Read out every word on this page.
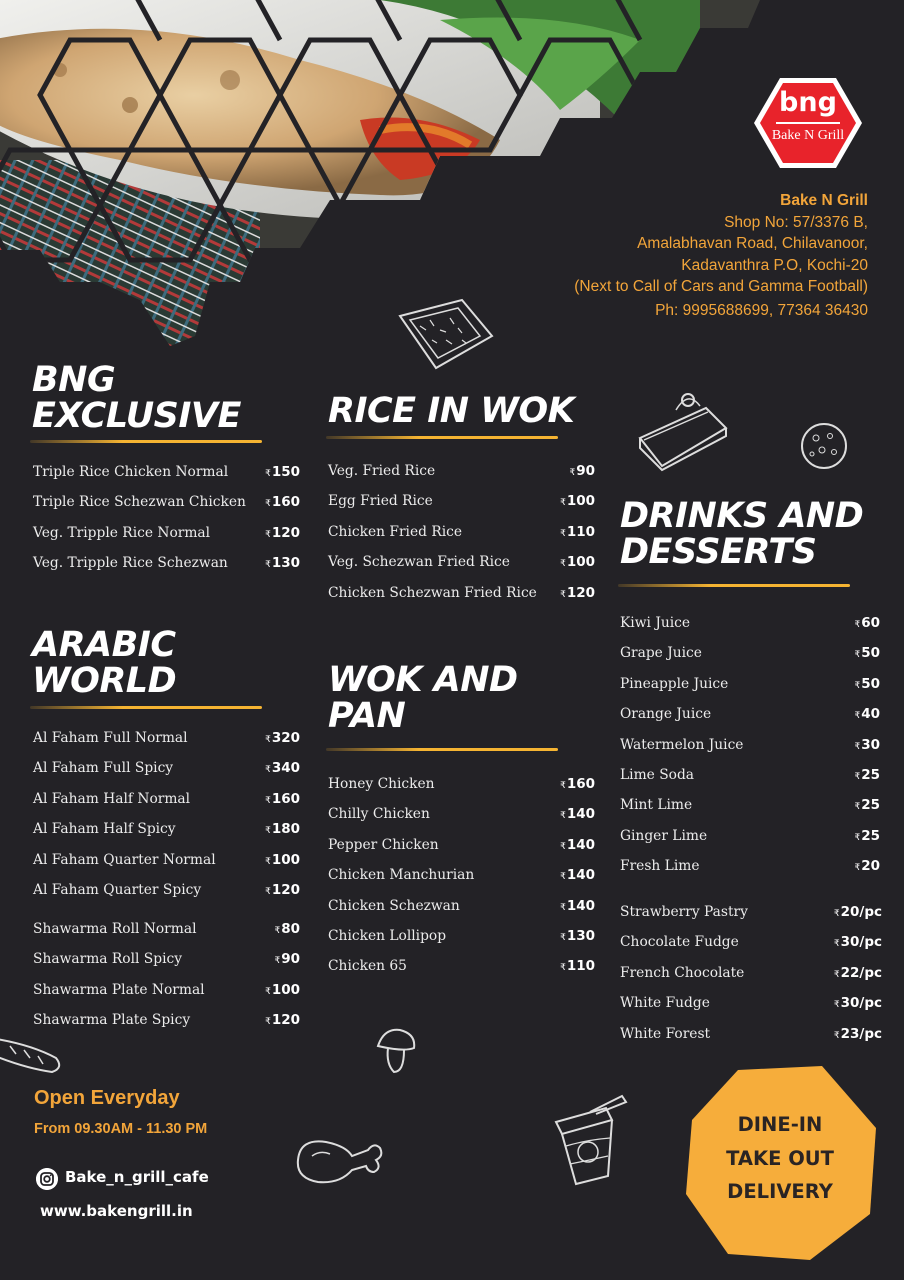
bng
Bake N Grill
Bake N Grill
Shop No: 57/3376 B,
Amalabhavan Road, Chilavanoor,
Kadavanthra P.O, Kochi-20
(Next to Call of Cars and Gamma Football)
Ph: 9995688699, 77364 36430
BNG
EXCLUSIVE
Triple Rice Chicken Normal	₹150
Triple Rice Schezwan Chicken ₹160
Veg. Tripple Rice Normal	₹120
Veg. Tripple Rice Schezwan	₹130
ARABIC
WORLD
Al Faham Full Normal	₹320
Al Faham Full Spicy	₹340
Al Faham Half Normal	₹160
Al Faham Half Spicy	₹180
Al Faham Quarter Normal	₹100
Al Faham Quarter Spicy	₹120
Shawarma Roll Normal	₹80
Shawarma Roll Spicy	₹90
Shawarma Plate Normal	₹100
Shawarma Plate Spicy	₹120
RICE IN WOK
Veg. Fried Rice	₹90
Egg Fried Rice	₹100
Chicken Fried Rice	₹110
Veg. Schezwan Fried Rice	₹100
Chicken Schezwan Fried Rice	₹120
WOK AND
PAN
Honey Chicken	₹160
Chilly Chicken	₹140
Pepper Chicken	₹140
Chicken Manchurian	₹140
Chicken Schezwan	₹140
Chicken Lollipop	₹130
Chicken 65	₹110
DRINKS AND
DESSERTS
Kiwi Juice	₹60
Grape Juice	₹50
Pineapple Juice	₹50
Orange Juice	₹40
Watermelon Juice	₹30
Lime Soda	₹25
Mint Lime	₹25
Ginger Lime	₹25
Fresh Lime	₹20
Strawberry Pastry	₹20/pc
Chocolate Fudge	₹30/pc
French Chocolate	₹22/pc
White Fudge	₹30/pc
White Forest	₹23/pc
Open Everyday
From 09.30AM - 11.30 PM
Bake_n_grill_cafe
www.bakengrill.in
DINE-IN
TAKE OUT
DELIVERY
